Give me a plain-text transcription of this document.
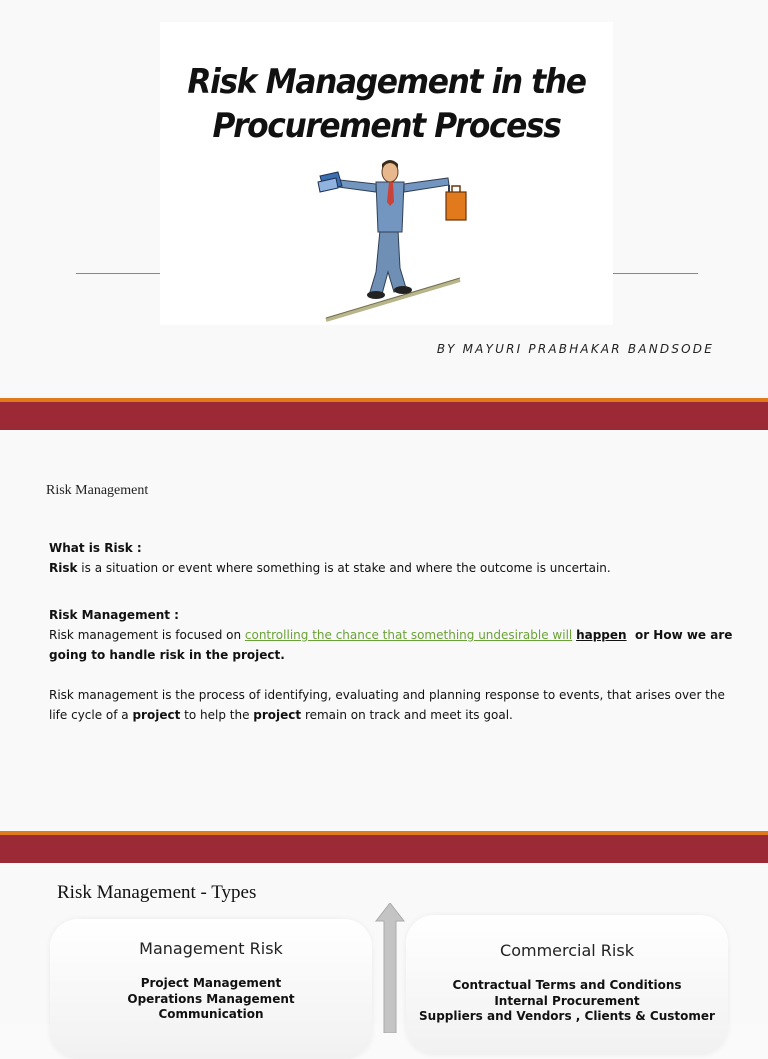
Risk Management in the
Procurement Process
BY MAYURI PRABHAKAR BANDSODE
Risk Management
What is Risk :
Risk is a situation or event where something is at stake and where the outcome is uncertain.
Risk Management :
Risk management is focused on controlling the chance that something undesirable will happen  or How we are going to handle risk in the project.
Risk management is the process of identifying, evaluating and planning response to events, that arises over the life cycle of a project to help the project remain on track and meet its goal.
Risk Management - Types
Management Risk
Project Management
Operations Management
Communication
Commercial Risk
Contractual Terms and Conditions
Internal Procurement
Suppliers and Vendors , Clients & Customer
